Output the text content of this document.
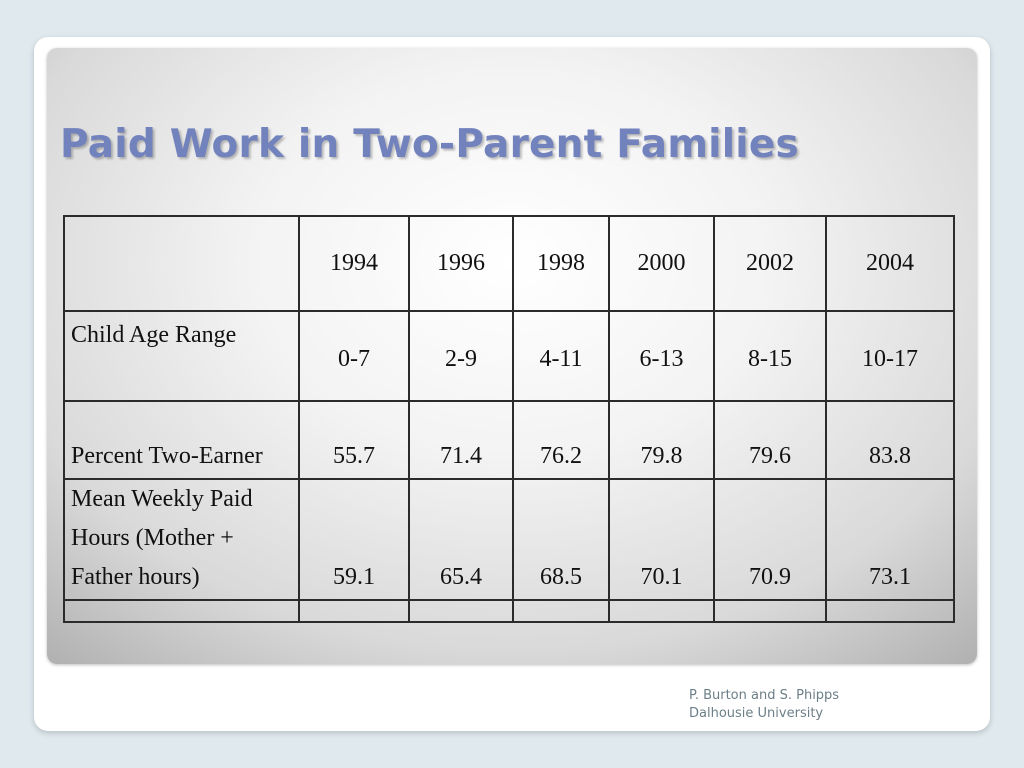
Paid Work in Two-Parent Families
	1994	1996	1998	2000	2002	2004
Child Age Range	0-7	2-9	4-11	6-13	8-15	10-17
Percent Two-Earner	55.7	71.4	76.2	79.8	79.6	83.8
Mean Weekly Paid Hours (Mother + Father hours)	59.1	65.4	68.5	70.1	70.9	73.1

P. Burton and S. Phipps
Dalhousie University
